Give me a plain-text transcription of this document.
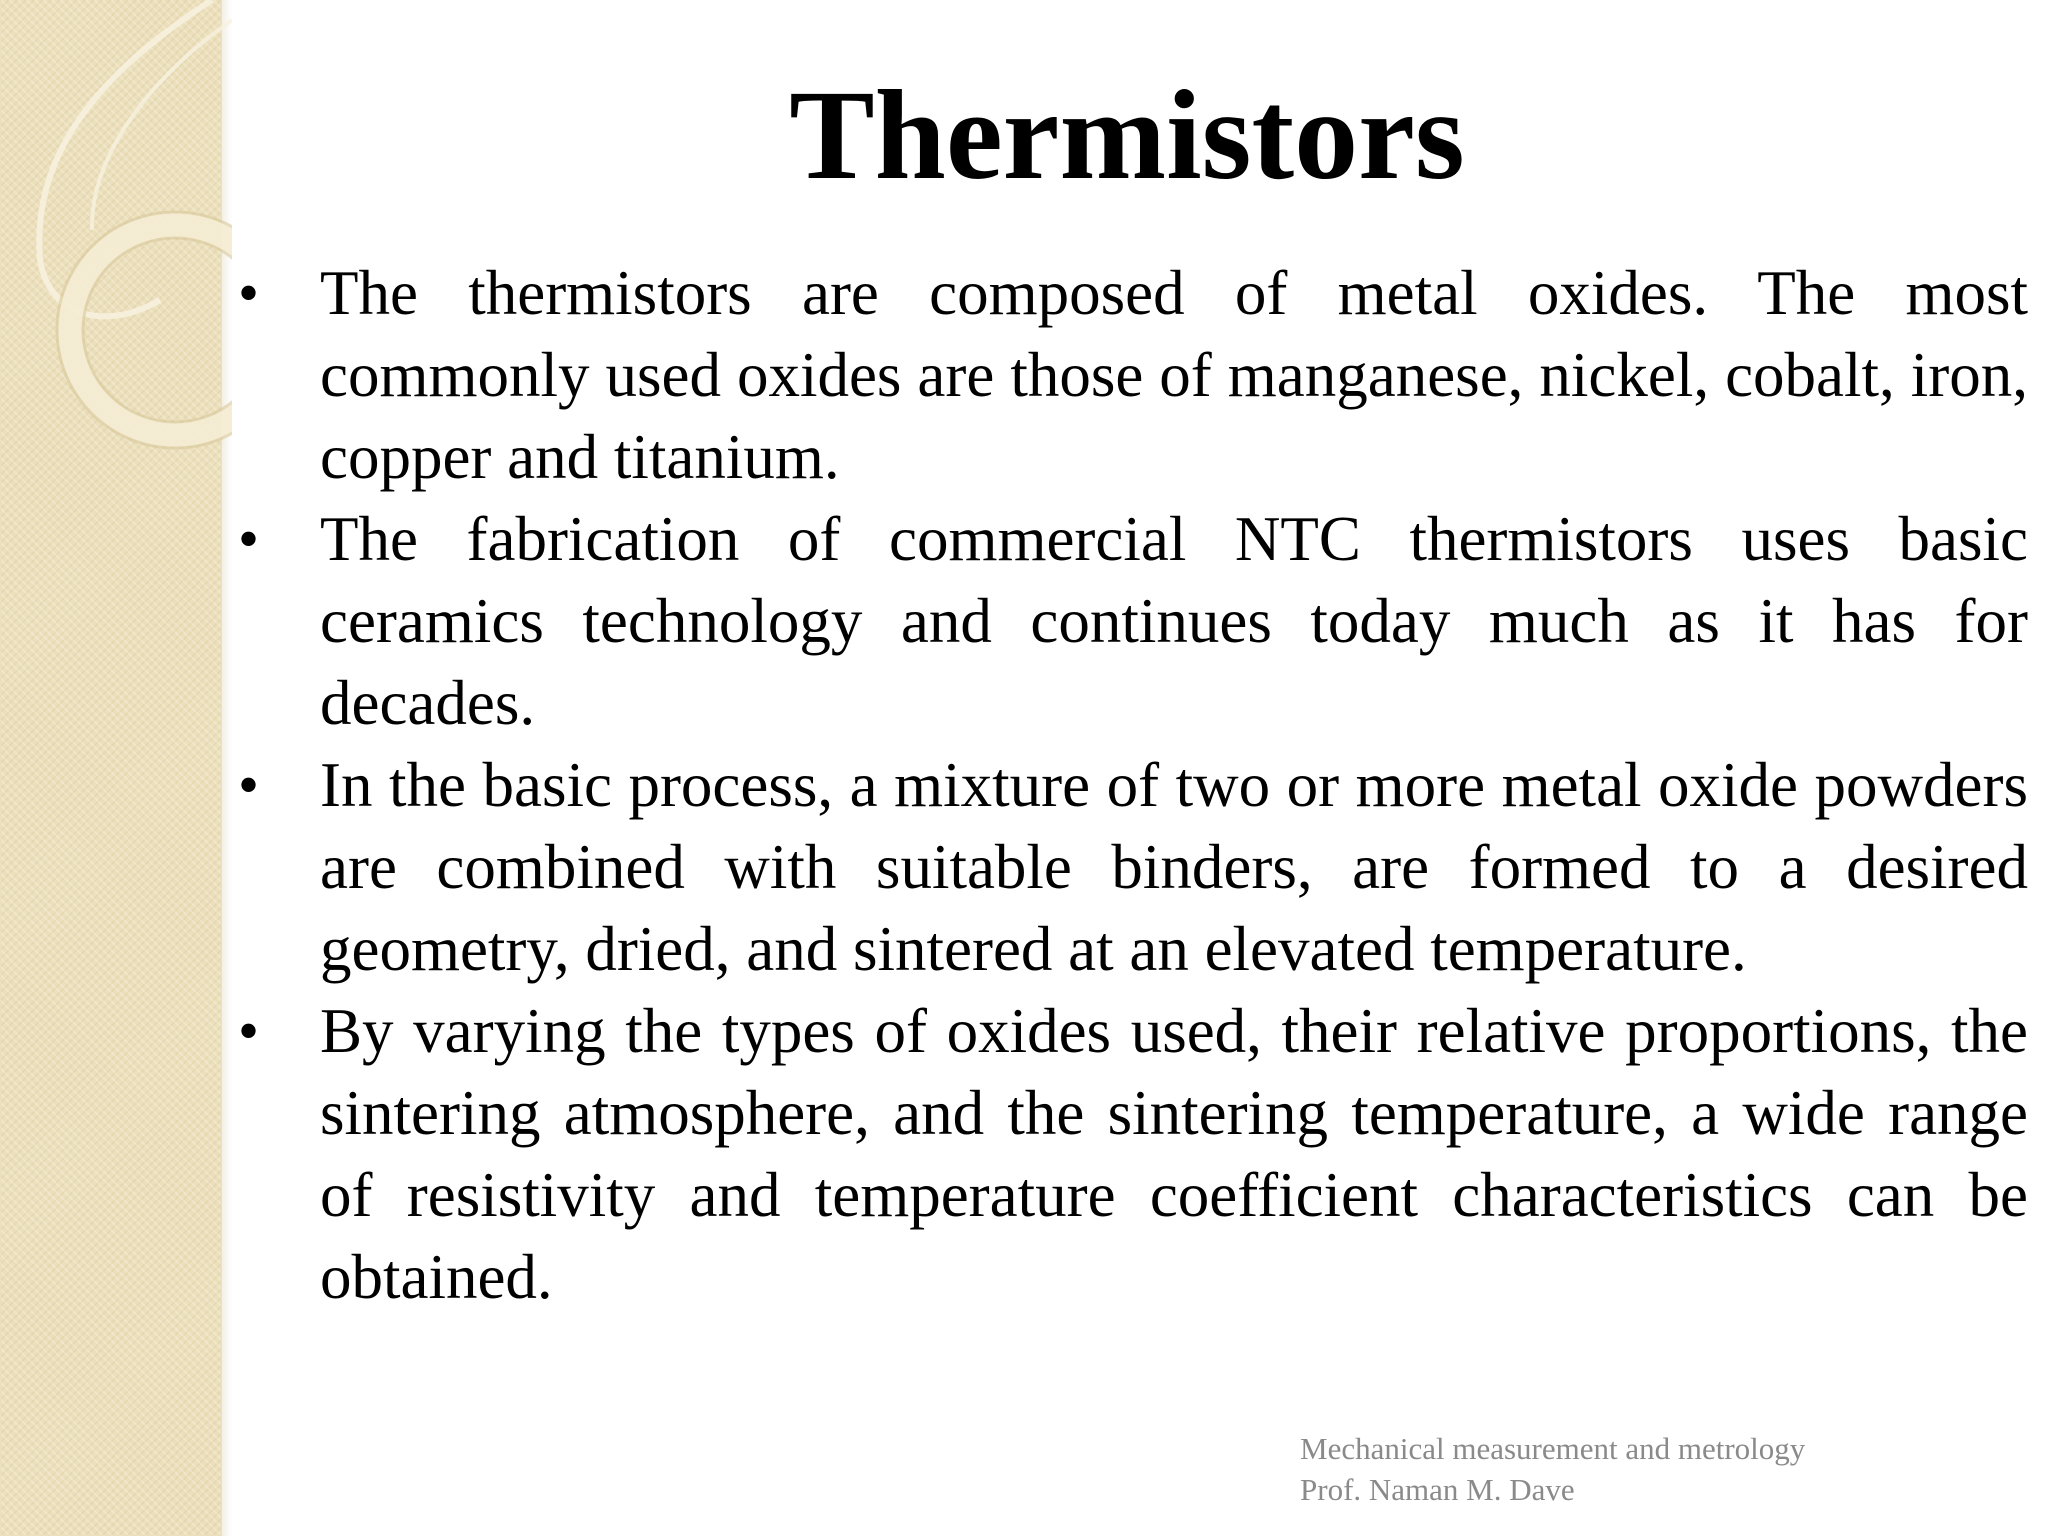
Thermistors
• The thermistors are composed of metal oxides. The most commonly used oxides are those of manganese, nickel, cobalt, iron, copper and titanium.
• The fabrication of commercial NTC thermistors uses basic ceramics technology and continues today much as it has for decades.
• In the basic process, a mixture of two or more metal oxide powders are combined with suitable binders, are formed to a desired geometry, dried, and sintered at an elevated temperature.
• By varying the types of oxides used, their relative proportions, the sintering atmosphere, and the sintering temperature, a wide range of resistivity and temperature coefficient characteristics can be obtained.
Mechanical measurement and metrology
Prof. Naman M. Dave
